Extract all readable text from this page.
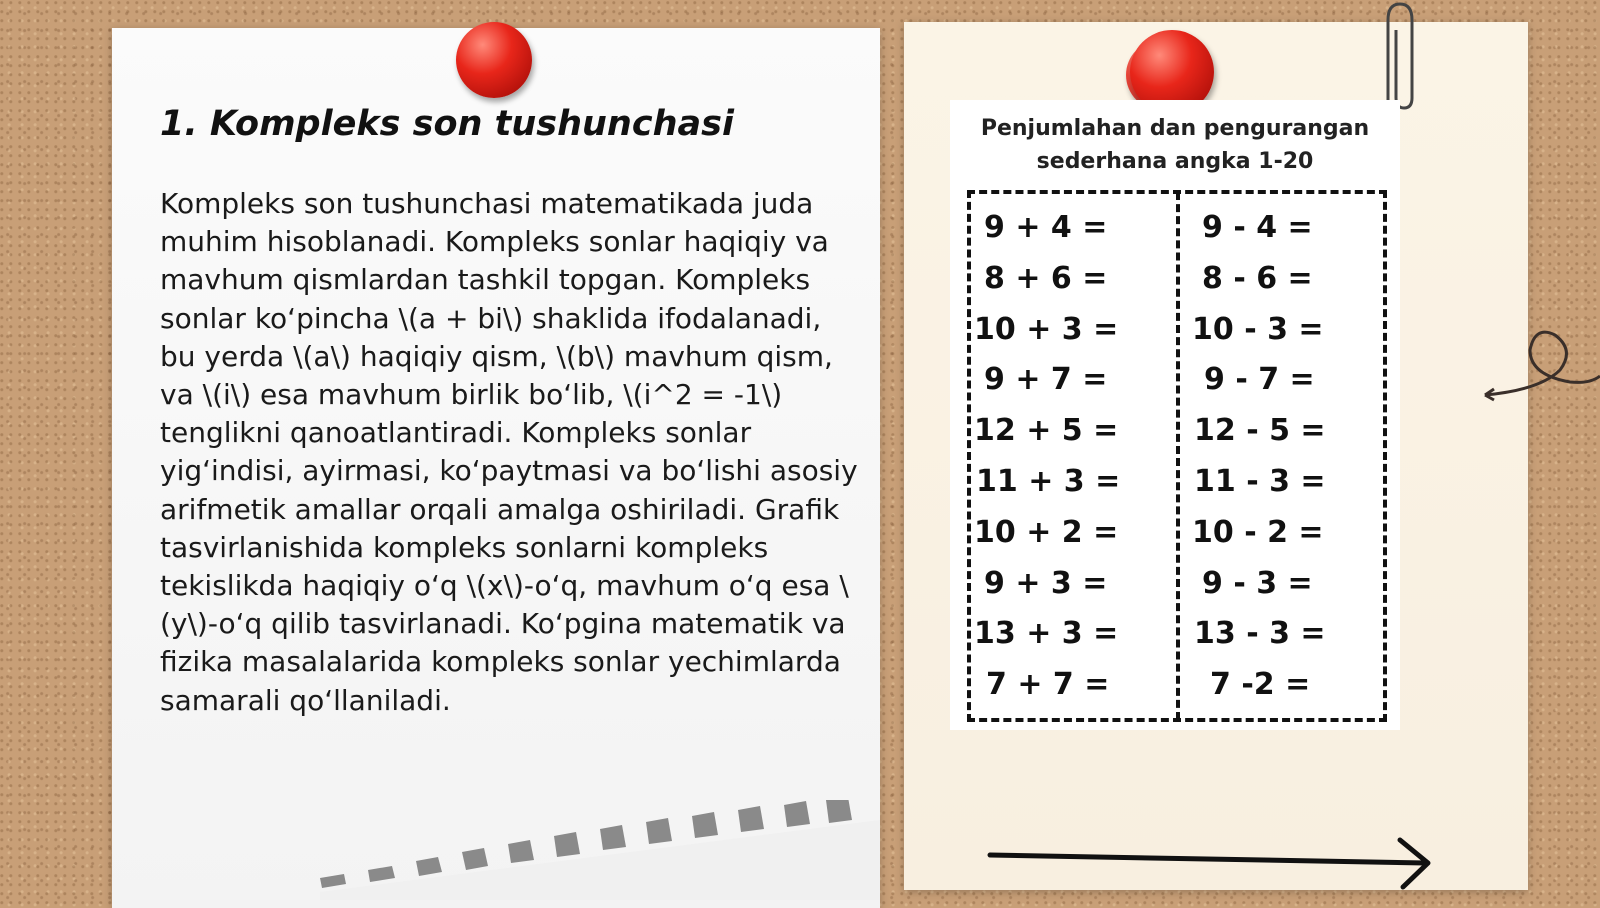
1. Kompleks son tushunchasi

Kompleks son tushunchasi matematikada juda muhim hisoblanadi. Kompleks sonlar haqiqiy va mavhum qismlardan tashkil topgan. Kompleks sonlar ko‘pincha \(a + bi\) shaklida ifodalanadi, bu yerda \(a\) haqiqiy qism, \(b\) mavhum qism, va \(i\) esa mavhum birlik bo‘lib, \(i^2 = -1\) tenglikni qanoatlantiradi. Kompleks sonlar yig‘indisi, ayirmasi, ko‘paytmasi va bo‘lishi asosiy arifmetik amallar orqali amalga oshiriladi. Grafik tasvirlanishida kompleks sonlarni kompleks tekislikda haqiqiy o‘q \(x\)-o‘q, mavhum o‘q esa \(y\)-o‘q qilib tasvirlanadi. Ko‘pgina matematik va fizika masalalarida kompleks sonlar yechimlarda samarali qo‘llaniladi.

Penjumlahan dan pengurangan sederhana angka 1-20
9 + 4 =
8 + 6 =
10 + 3 =
9 + 7 =
12 + 5 =
11 + 3 =
10 + 2 =
9 + 3 =
13 + 3 =
7 + 7 =
9 - 4 =
8 - 6 =
10 - 3 =
9 - 7 =
12 - 5 =
11 - 3 =
10 - 2 =
9 - 3 =
13 - 3 =
7 -2 =
